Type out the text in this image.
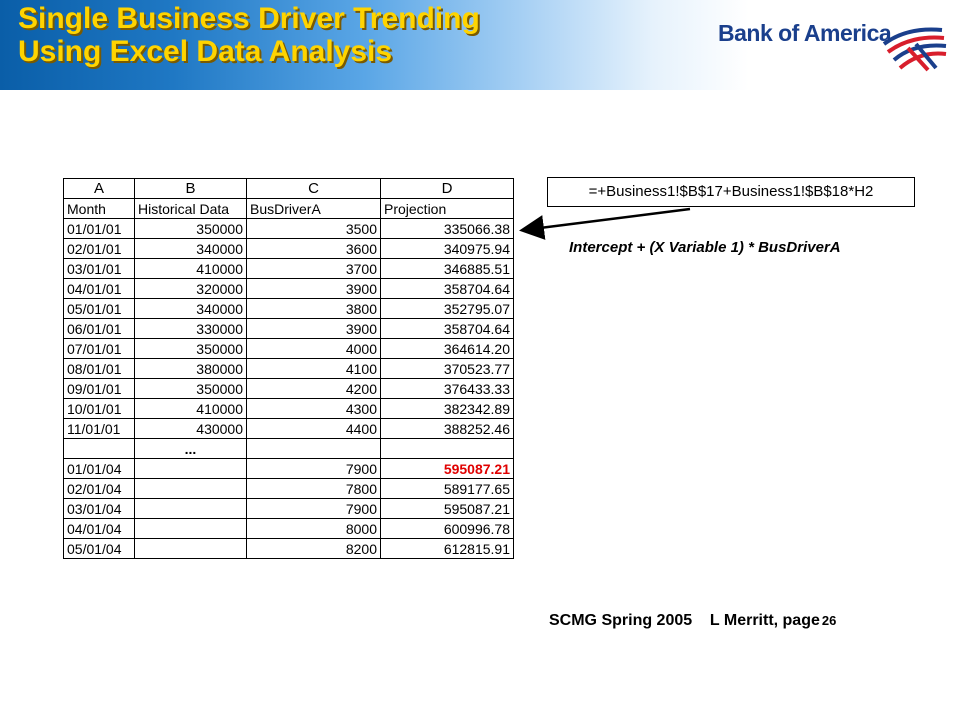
Single Business Driver Trending
Using Excel Data Analysis
Bank of America
A	B	C	D
Month	Historical Data	BusDriverA	Projection
01/01/01	350000	3500	335066.38
02/01/01	340000	3600	340975.94
03/01/01	410000	3700	346885.51
04/01/01	320000	3900	358704.64
05/01/01	340000	3800	352795.07
06/01/01	330000	3900	358704.64
07/01/01	350000	4000	364614.20
08/01/01	380000	4100	370523.77
09/01/01	350000	4200	376433.33
10/01/01	410000	4300	382342.89
11/01/01	430000	4400	388252.46
	...		
01/01/04		7900	595087.21
02/01/04		7800	589177.65
03/01/04		7900	595087.21
04/01/04		8000	600996.78
05/01/04		8200	612815.91
=+Business1!$B$17+Business1!$B$18*H2
Intercept + (X Variable 1) * BusDriverA
SCMG Spring 2005    L Merritt, page 26
